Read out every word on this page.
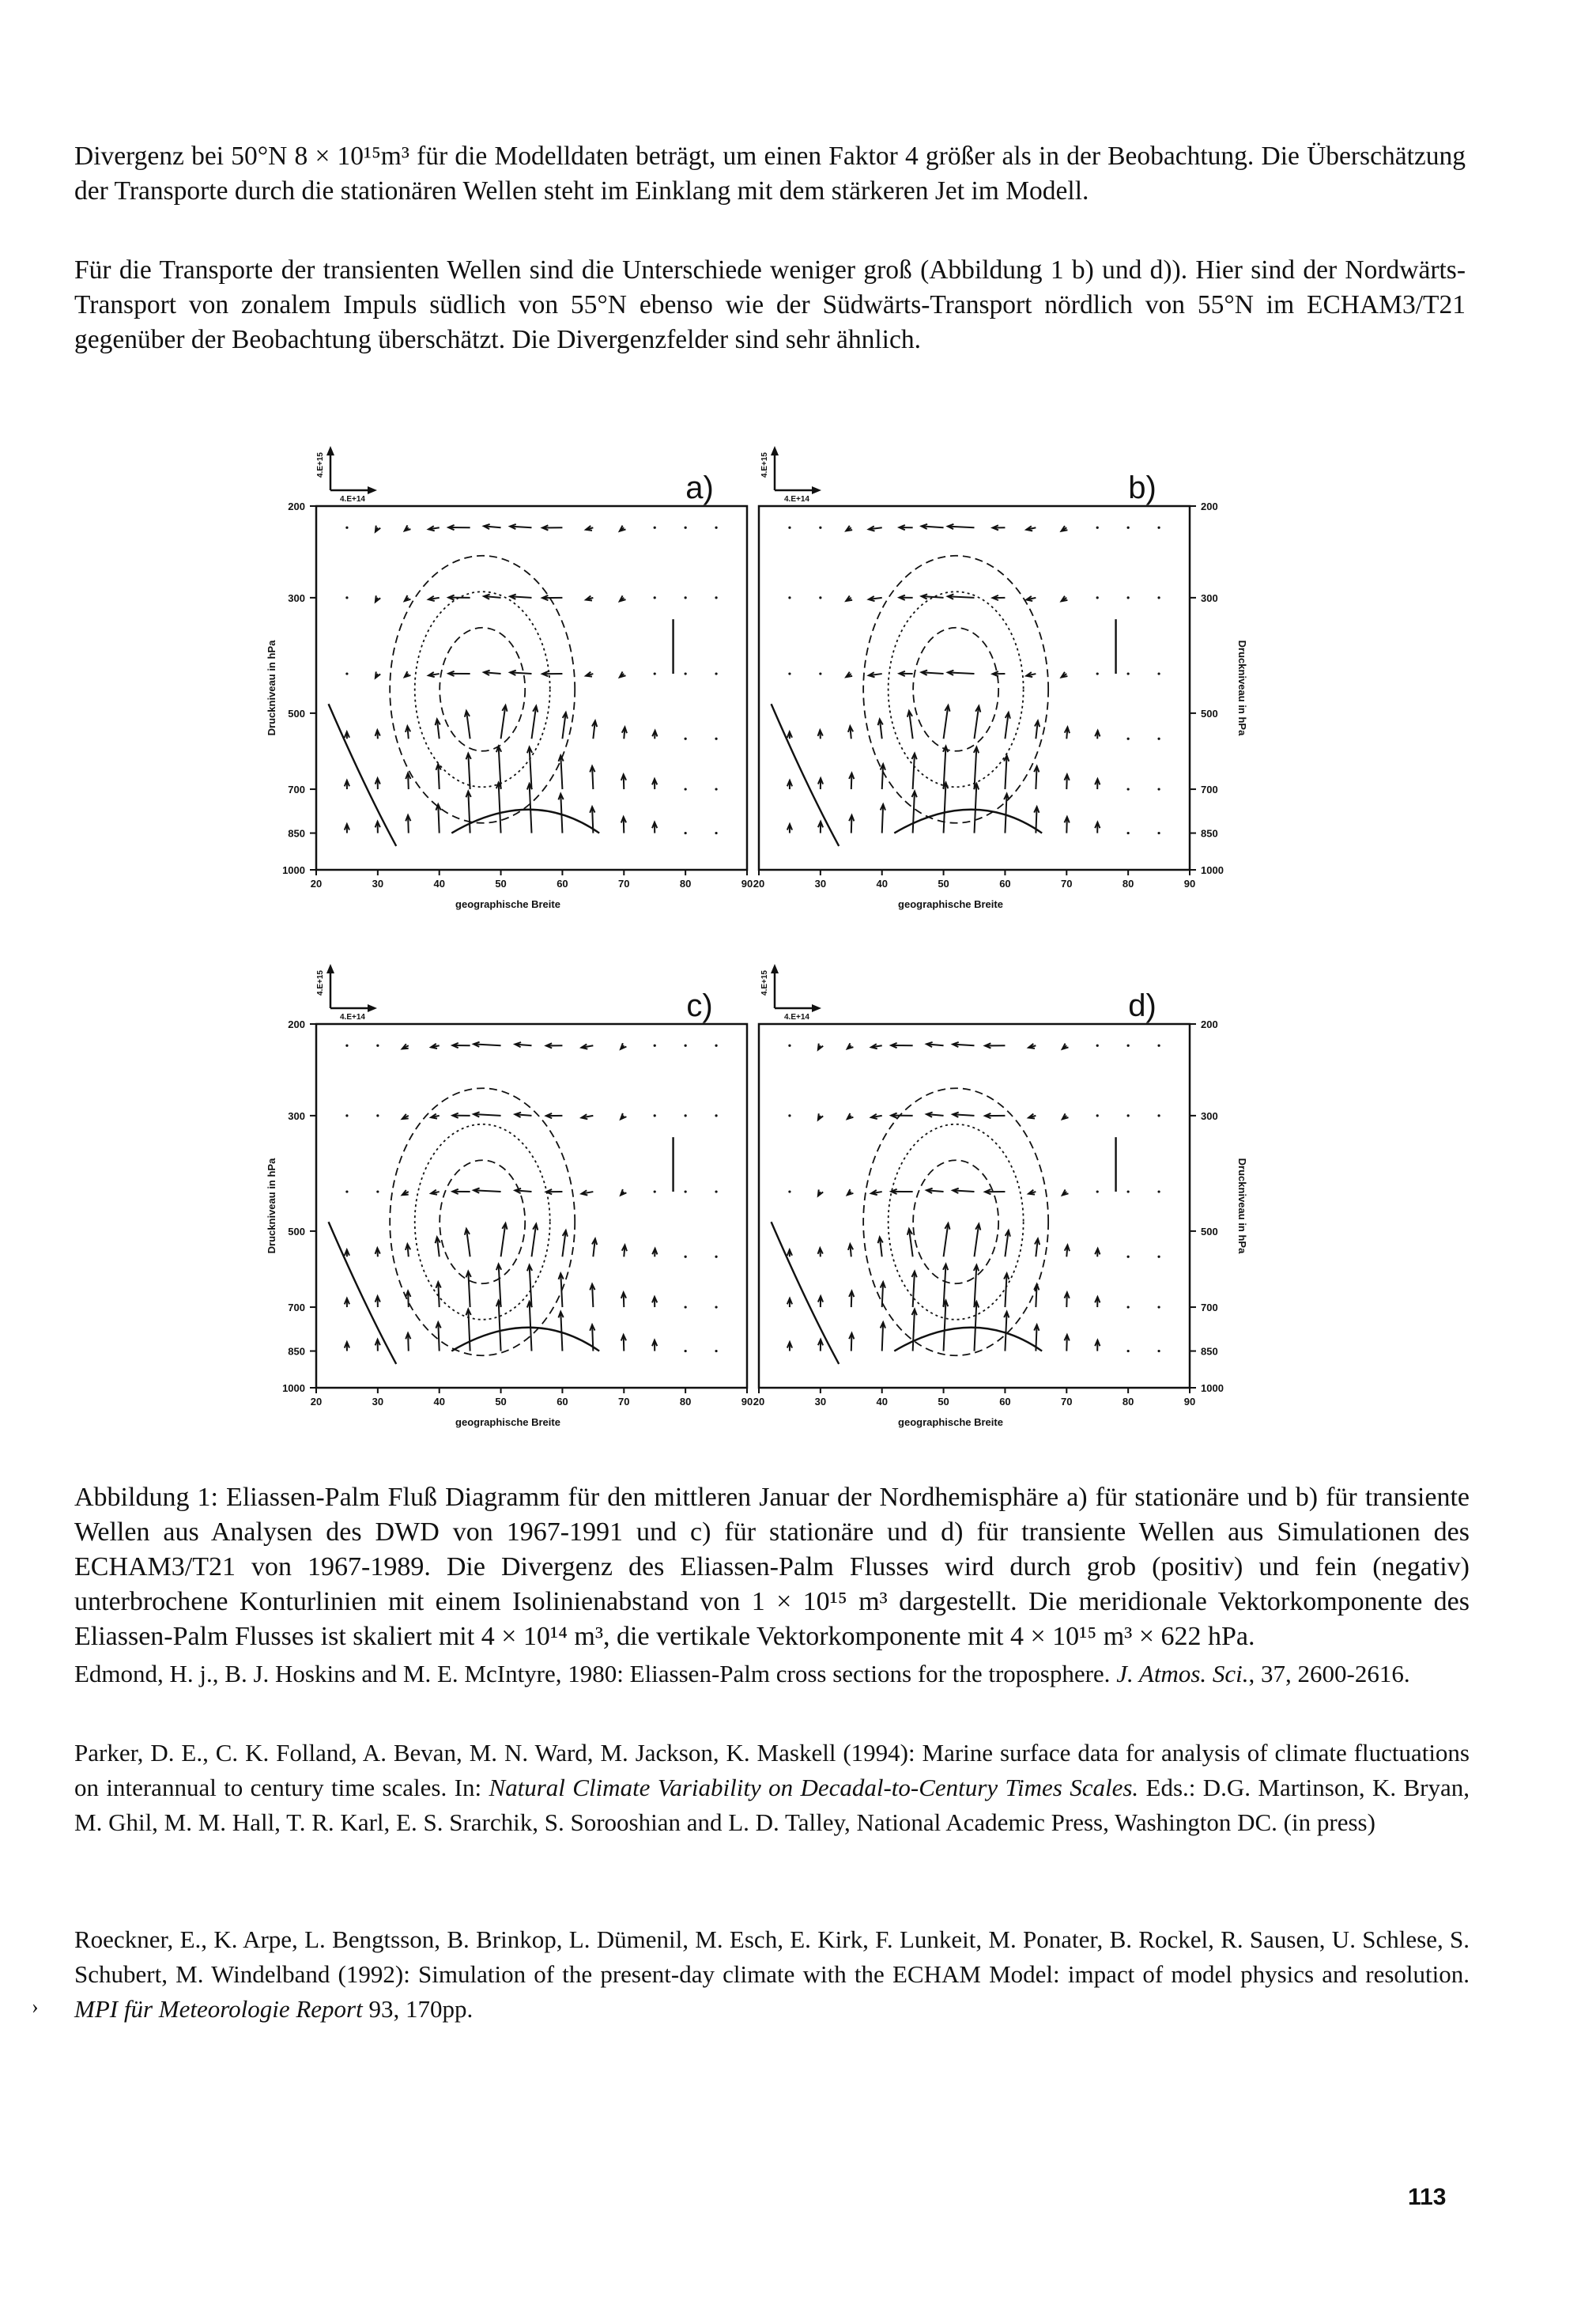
Divergenz bei 50°N 8 × 10¹⁵m³ für die Modelldaten beträgt, um einen Faktor 4 größer als in der Beobachtung. Die Überschätzung der Transporte durch die stationären Wellen steht im Einklang mit dem stärkeren Jet im Modell.

Für die Transporte der transienten Wellen sind die Unterschiede weniger groß (Abbildung 1 b) und d)). Hier sind der Nordwärts-Transport von zonalem Impuls südlich von 55°N ebenso wie der Südwärts-Transport nördlich von 55°N im ECHAM3/T21 gegenüber der Beobachtung überschätzt. Die Divergenzfelder sind sehr ähnlich.

200
300
500
700
850
1000
20	30	40	50	60	70	80	90
geographische Breite
Druckniveau in hPa
a)
4.E+15
4.E+14
200
300
500
700
850
1000
20	30	40	50	60	70	80	90
geographische Breite
Druckniveau in hPa
b)
4.E+15
4.E+14
200
300
500
700
850
1000
20	30	40	50	60	70	80	90
geographische Breite
Druckniveau in hPa
c)
4.E+15
4.E+14
200
300
500
700
850
1000
20	30	40	50	60	70	80	90
geographische Breite
Druckniveau in hPa
d)
4.E+15
4.E+14

Abbildung 1: Eliassen-Palm Fluß Diagramm für den mittleren Januar der Nordhemisphäre a) für stationäre und b) für transiente Wellen aus Analysen des DWD von 1967-1991 und c) für stationäre und d) für transiente Wellen aus Simulationen des ECHAM3/T21 von 1967-1989. Die Divergenz des Eliassen-Palm Flusses wird durch grob (positiv) und fein (negativ) unterbrochene Konturlinien mit einem Isolinienabstand von 1 × 10¹⁵ m³ dargestellt. Die meridionale Vektorkomponente des Eliassen-Palm Flusses ist skaliert mit 4 × 10¹⁴ m³, die vertikale Vektorkomponente mit 4 × 10¹⁵ m³ × 622 hPa.

Edmond, H. j., B. J. Hoskins and M. E. McIntyre, 1980: Eliassen-Palm cross sections for the troposphere. J. Atmos. Sci., 37, 2600-2616.

Parker, D. E., C. K. Folland, A. Bevan, M. N. Ward, M. Jackson, K. Maskell (1994): Marine surface data for analysis of climate fluctuations on interannual to century time scales. In: Natural Climate Variability on Decadal-to-Century Times Scales. Eds.: D.G. Martinson, K. Bryan, M. Ghil, M. M. Hall, T. R. Karl, E. S. Srarchik, S. Sorooshian and L. D. Talley, National Academic Press, Washington DC. (in press)

Roeckner, E., K. Arpe, L. Bengtsson, B. Brinkop, L. Dümenil, M. Esch, E. Kirk, F. Lunkeit, M. Ponater, B. Rockel, R. Sausen, U. Schlese, S. Schubert, M. Windelband (1992): Simulation of the present-day climate with the ECHAM Model: impact of model physics and resolution. MPI für Meteorologie Report 93, 170pp.

›
113
